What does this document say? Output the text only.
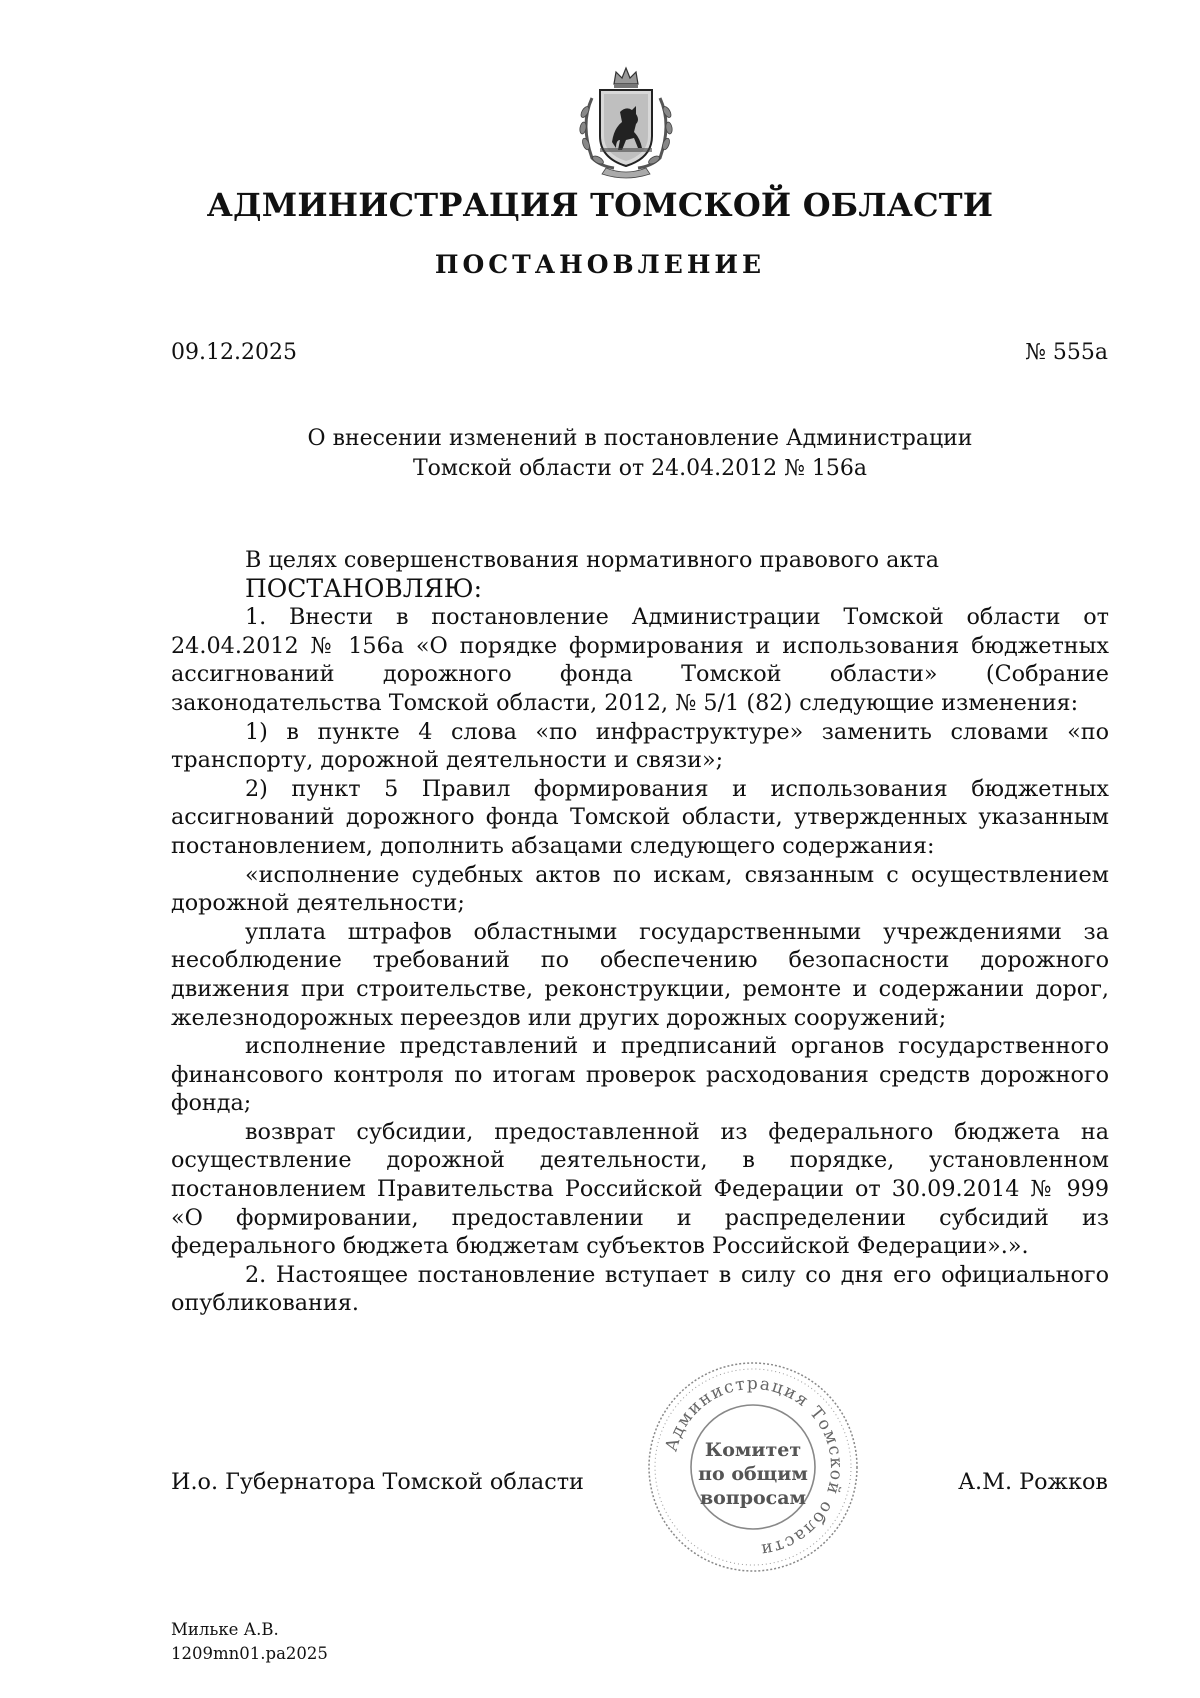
АДМИНИСТРАЦИЯ ТОМСКОЙ ОБЛАСТИ
ПОСТАНОВЛЕНИЕ
09.12.2025	№ 555а
О внесении изменений в постановление Администрации
Томской области от 24.04.2012 № 156а

В целях совершенствования нормативного правового акта

ПОСТАНОВЛЯЮ:

1. Внести в постановление Администрации Томской области от 24.04.2012 № 156а «О порядке формирования и использования бюджетных ассигнований дорожного фонда Томской области» (Собрание законодательства Томской области, 2012, № 5/1 (82) следующие изменения:

1) в пункте 4 слова «по инфраструктуре» заменить словами «по транспорту, дорожной деятельности и связи»;

2) пункт 5 Правил формирования и использования бюджетных ассигнований дорожного фонда Томской области, утвержденных указанным постановлением, дополнить абзацами следующего содержания:

«исполнение судебных актов по искам, связанным с осуществлением дорожной деятельности;

уплата штрафов областными государственными учреждениями за несоблюдение требований по обеспечению безопасности дорожного движения при строительстве, реконструкции, ремонте и содержании дорог, железнодорожных переездов или других дорожных сооружений;

исполнение представлений и предписаний органов государственного финансового контроля по итогам проверок расходования средств дорожного фонда;

возврат субсидии, предоставленной из федерального бюджета на осуществление дорожной деятельности, в порядке, установленном постановлением Правительства Российской Федерации от 30.09.2014 № 999 «О формировании, предоставлении и распределении субсидий из федерального бюджета бюджетам субъектов Российской Федерации».».

2. Настоящее постановление вступает в силу со дня его официального опубликования.

И.о. Губернатора Томской области	А.М. Рожков
Администрация Томской области
Комитет
по общим
вопросам
Мильке А.В.
1209mn01.pa2025
